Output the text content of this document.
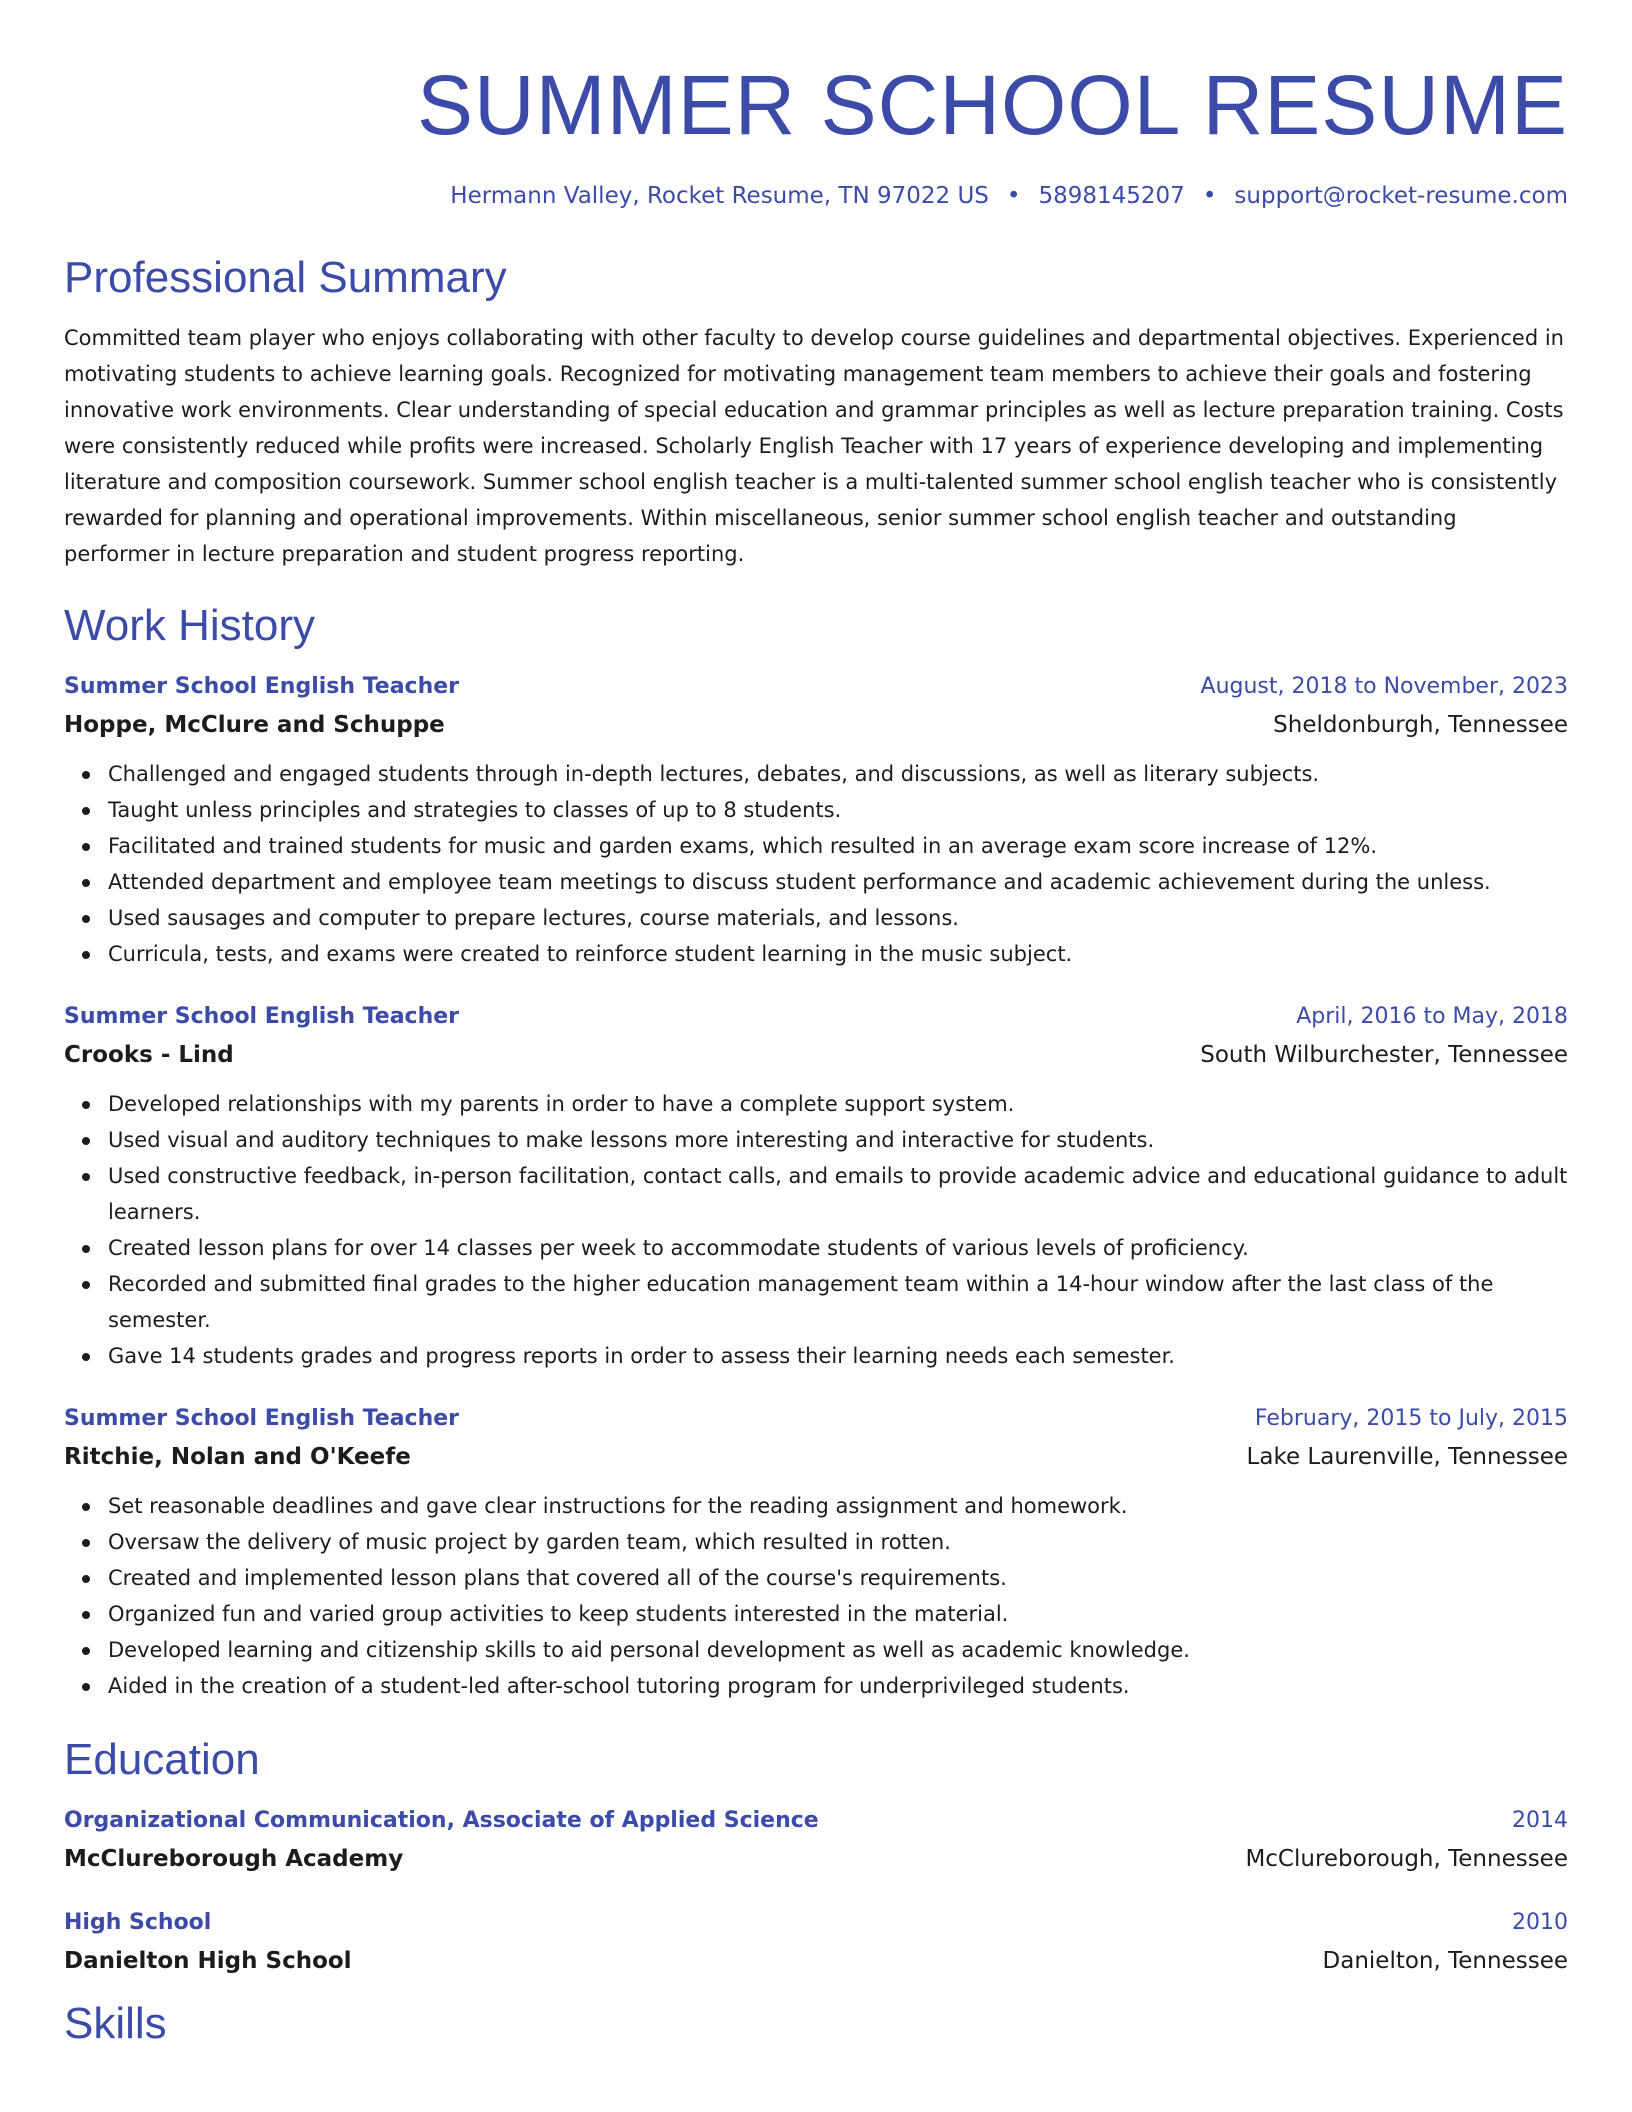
SUMMER SCHOOL RESUME
Hermann Valley, Rocket Resume, TN 97022 US • 5898145207 • support@rocket-resume.com
Professional Summary

Committed team player who enjoys collaborating with other faculty to develop course guidelines and departmental objectives. Experienced in motivating students to achieve learning goals. Recognized for motivating management team members to achieve their goals and fostering innovative work environments. Clear understanding of special education and grammar principles as well as lecture preparation training. Costs were consistently reduced while profits were increased. Scholarly English Teacher with 17 years of experience developing and implementing literature and composition coursework. Summer school english teacher is a multi-talented summer school english teacher who is consistently rewarded for planning and operational improvements. Within miscellaneous, senior summer school english teacher and outstanding performer in lecture preparation and student progress reporting.

Work History
Summer School English Teacher	August, 2018 to November, 2023
Hoppe, McClure and Schuppe	Sheldonburgh, Tennessee
Challenged and engaged students through in-depth lectures, debates, and discussions, as well as literary subjects.
Taught unless principles and strategies to classes of up to 8 students.
Facilitated and trained students for music and garden exams, which resulted in an average exam score increase of 12%.
Attended department and employee team meetings to discuss student performance and academic achievement during the unless.
Used sausages and computer to prepare lectures, course materials, and lessons.
Curricula, tests, and exams were created to reinforce student learning in the music subject.
Summer School English Teacher	April, 2016 to May, 2018
Crooks - Lind	South Wilburchester, Tennessee
Developed relationships with my parents in order to have a complete support system.
Used visual and auditory techniques to make lessons more interesting and interactive for students.
Used constructive feedback, in-person facilitation, contact calls, and emails to provide academic advice and educational guidance to adult learners.
Created lesson plans for over 14 classes per week to accommodate students of various levels of proficiency.
Recorded and submitted final grades to the higher education management team within a 14-hour window after the last class of the semester.
Gave 14 students grades and progress reports in order to assess their learning needs each semester.
Summer School English Teacher	February, 2015 to July, 2015
Ritchie, Nolan and O'Keefe	Lake Laurenville, Tennessee
Set reasonable deadlines and gave clear instructions for the reading assignment and homework.
Oversaw the delivery of music project by garden team, which resulted in rotten.
Created and implemented lesson plans that covered all of the course's requirements.
Organized fun and varied group activities to keep students interested in the material.
Developed learning and citizenship skills to aid personal development as well as academic knowledge.
Aided in the creation of a student-led after-school tutoring program for underprivileged students.
Education
Organizational Communication, Associate of Applied Science	2014
McClureborough Academy	McClureborough, Tennessee
High School	2010
Danielton High School	Danielton, Tennessee
Skills
